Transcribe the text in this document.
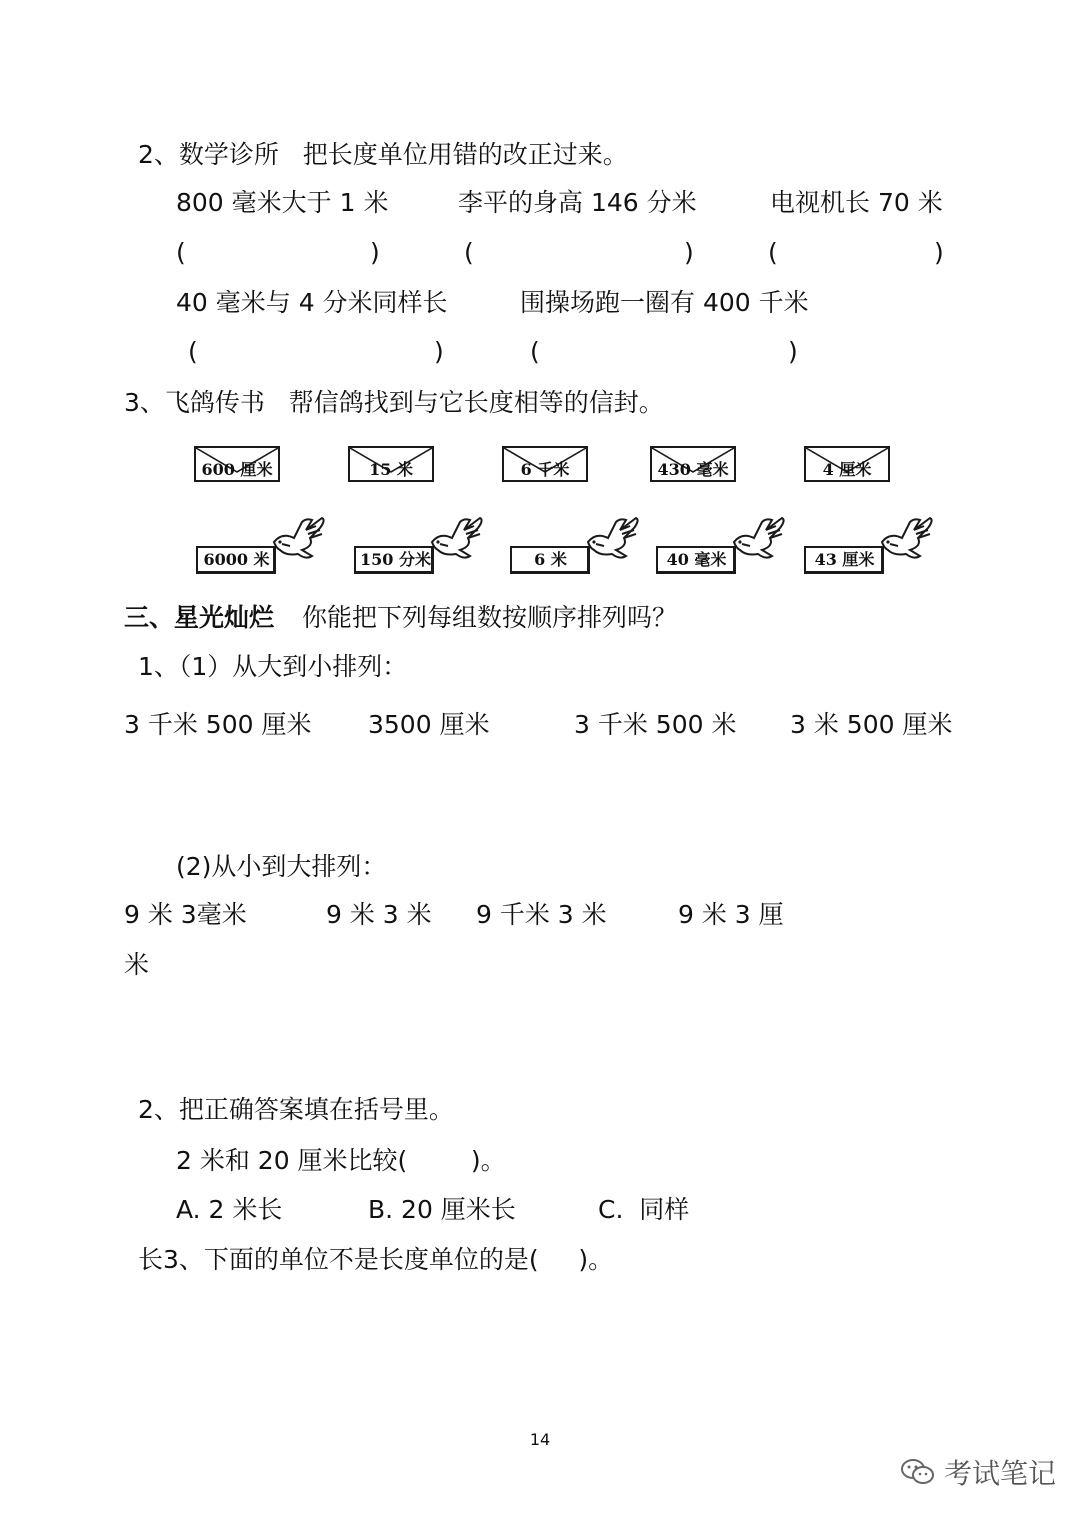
2、数学诊所   把长度单位用错的改正过来。
800 毫米大于 1 米	李平的身高 146 分米	电视机长 70 米
(	)	(	)	(	)
40 毫米与 4 分米同样长	围操场跑一圈有 400 千米
(	)	(	)
3、飞鸽传书   帮信鸽找到与它长度相等的信封。
600 厘米	15 米	6 千米	430 毫米	4 厘米
6000 米	150 分米	6 米	40 毫米	43 厘米
三、星光灿烂 你能把下列每组数按顺序排列吗？
1、（1）从大到小排列：
3 千米 500 厘米 3500 厘米	3 千米 500 米 3 米 500 厘米
(2)从小到大排列：
9 米 3毫米	9 米 3 米 9 千米 3 米	9 米 3 厘
米
2、把正确答案填在括号里。
2 米和 20 厘米比较(        )。
A. 2 米长	B. 20 厘米长	C.  同样
长3、下面的单位不是长度单位的是(     )。
14
考试笔记
